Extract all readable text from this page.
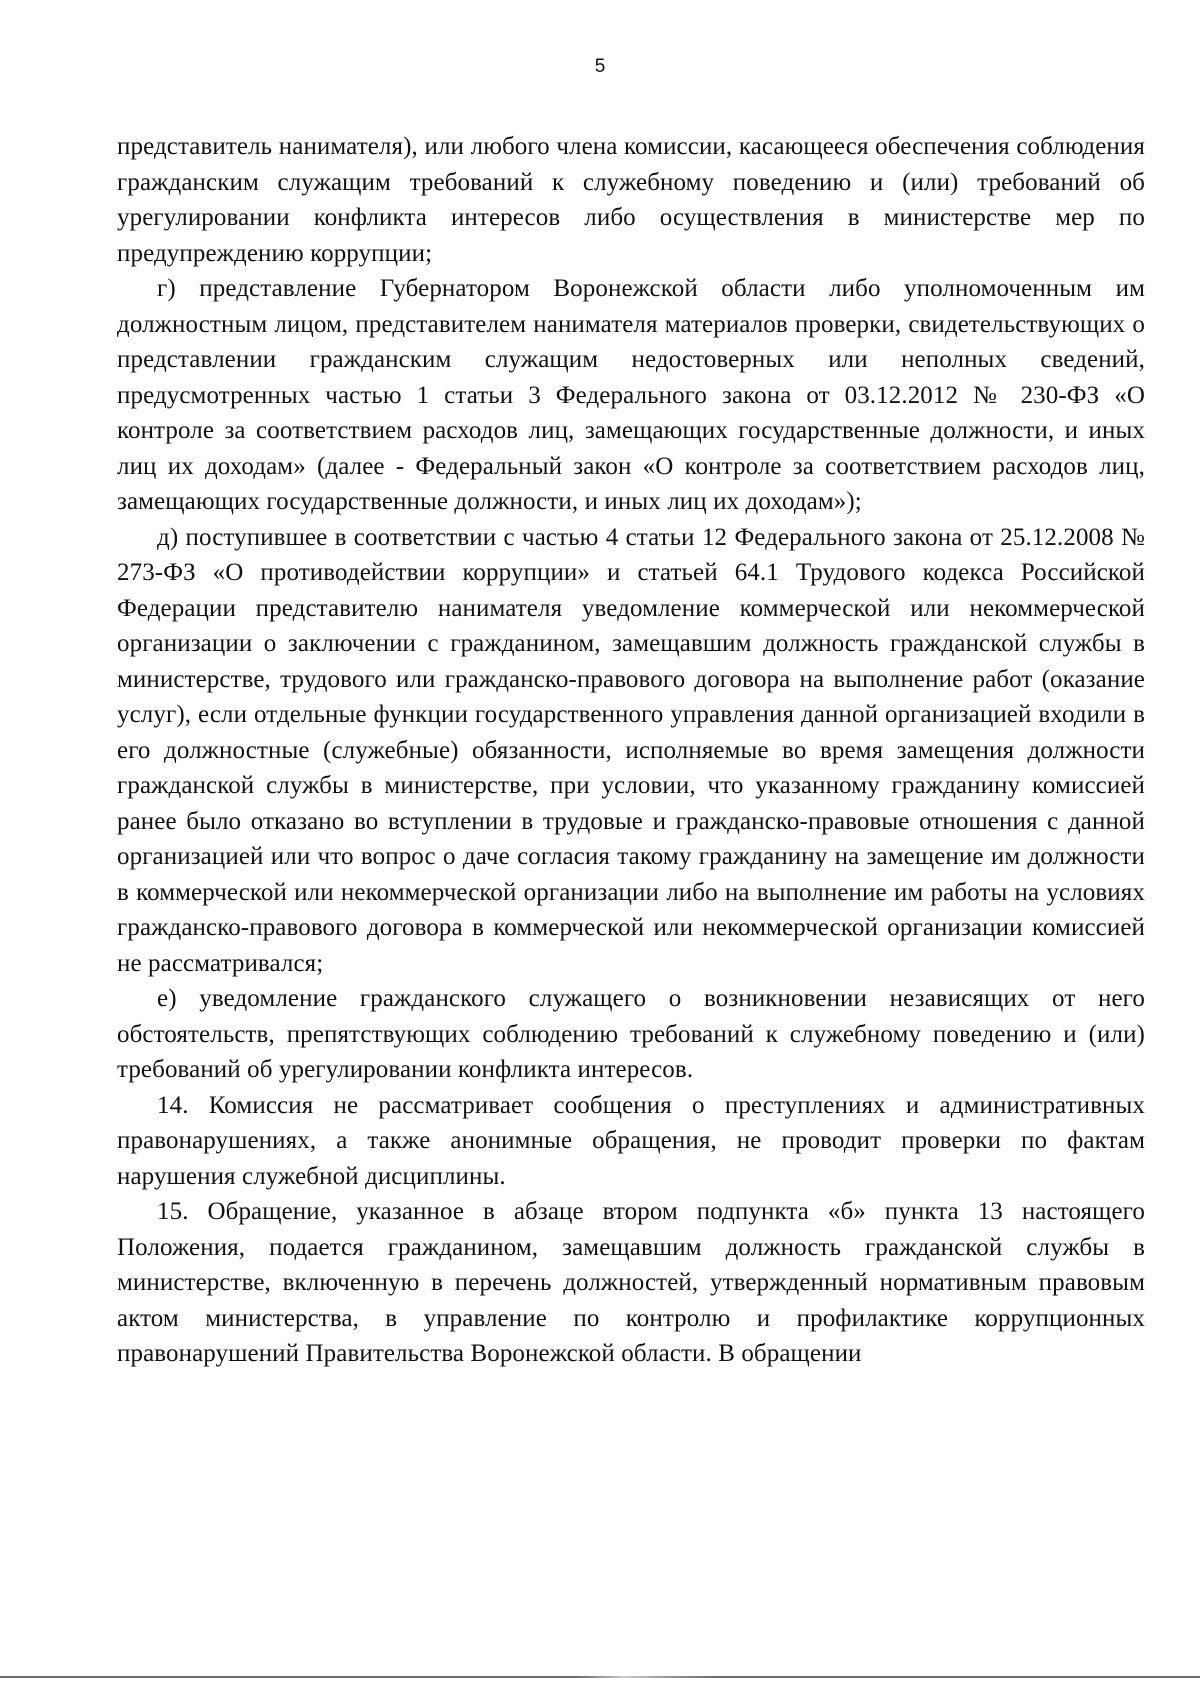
5

представитель нанимателя), или любого члена комиссии, касающееся обеспечения соблюдения гражданским служащим требований к служебному поведению и (или) требований об урегулировании конфликта интересов либо осуществления в министерстве мер по предупреждению коррупции;

г) представление Губернатором Воронежской области либо уполномоченным им должностным лицом, представителем нанимателя материалов проверки, свидетельствующих о представлении гражданским служащим недостоверных или неполных сведений, предусмотренных частью 1 статьи 3 Федерального закона от 03.12.2012 № 230-ФЗ «О контроле за соответствием расходов лиц, замещающих государственные должности, и иных лиц их доходам» (далее - Федеральный закон «О контроле за соответствием расходов лиц, замещающих государственные должности, и иных лиц их доходам»);

д) поступившее в соответствии с частью 4 статьи 12 Федерального закона от 25.12.2008 № 273-ФЗ «О противодействии коррупции» и статьей 64.1 Трудового кодекса Российской Федерации представителю нанимателя уведомление коммерческой или некоммерческой организации о заключении с гражданином, замещавшим должность гражданской службы в министерстве, трудового или гражданско-правового договора на выполнение работ (оказание услуг), если отдельные функции государственного управления данной организацией входили в его должностные (служебные) обязанности, исполняемые во время замещения должности гражданской службы в министерстве, при условии, что указанному гражданину комиссией ранее было отказано во вступлении в трудовые и гражданско-правовые отношения с данной организацией или что вопрос о даче согласия такому гражданину на замещение им должности в коммерческой или некоммерческой организации либо на выполнение им работы на условиях гражданско-правового договора в коммерческой или некоммерческой организации комиссией не рассматривался;

е) уведомление гражданского служащего о возникновении независящих от него обстоятельств, препятствующих соблюдению требований к служебному поведению и (или) требований об урегулировании конфликта интересов.

14. Комиссия не рассматривает сообщения о преступлениях и административных правонарушениях, а также анонимные обращения, не проводит проверки по фактам нарушения служебной дисциплины.

15. Обращение, указанное в абзаце втором подпункта «б» пункта 13 настоящего Положения, подается гражданином, замещавшим должность гражданской службы в министерстве, включенную в перечень должностей, утвержденный нормативным правовым актом министерства, в управление по контролю и профилактике коррупционных правонарушений Правительства Воронежской области. В обращении
